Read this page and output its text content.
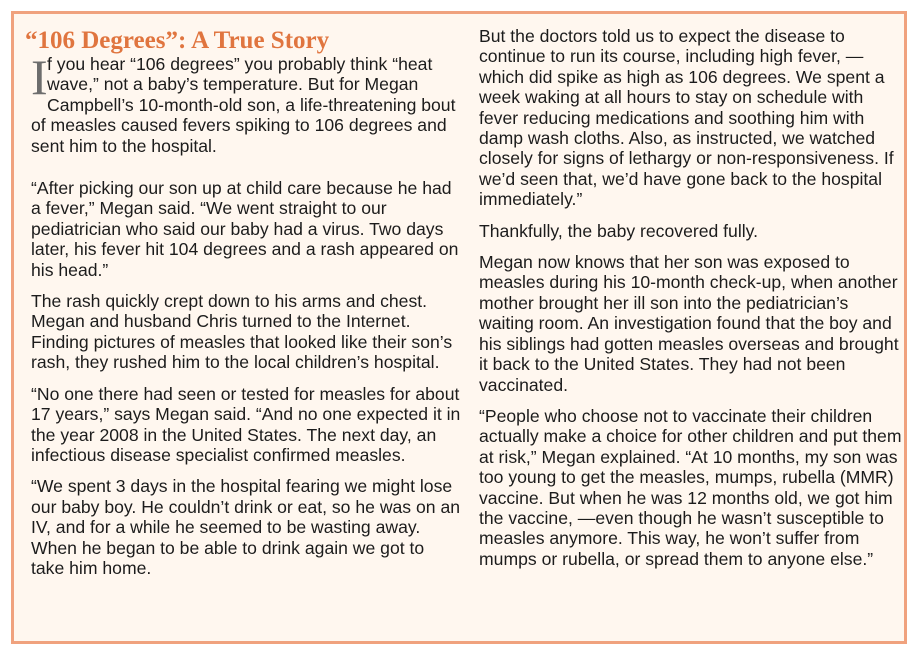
“106 Degrees”: A True Story

If you hear “106 degrees” you probably think “heat wave,” not a baby’s temperature. But for Megan Campbell’s 10-month-old son, a life-threatening bout of measles caused fevers spiking to 106 degrees and sent him to the hospital.

“After picking our son up at child care because he had a fever,” Megan said. “We went straight to our pediatrician who said our baby had a virus. Two days later, his fever hit 104 degrees and a rash appeared on his head.”

The rash quickly crept down to his arms and chest. Megan and husband Chris turned to the Internet. Finding pictures of measles that looked like their son’s rash, they rushed him to the local children’s hospital.

“No one there had seen or tested for measles for about 17 years,” says Megan said. “And no one expected it in the year 2008 in the United States. The next day, an infectious disease specialist confirmed measles.

“We spent 3 days in the hospital fearing we might lose our baby boy. He couldn’t drink or eat, so he was on an IV, and for a while he seemed to be wasting away. When he began to be able to drink again we got to take him home.

But the doctors told us to expect the disease to continue to run its course, including high fever, —which did spike as high as 106 degrees. We spent a week waking at all hours to stay on schedule with fever reducing medications and soothing him with damp wash cloths. Also, as instructed, we watched closely for signs of lethargy or non-responsiveness. If we’d seen that, we’d have gone back to the hospital immediately.”

Thankfully, the baby recovered fully.

Megan now knows that her son was exposed to measles during his 10-month check-up, when another mother brought her ill son into the pediatrician’s waiting room. An investigation found that the boy and his siblings had gotten measles overseas and brought it back to the United States. They had not been vaccinated.

“People who choose not to vaccinate their children actually make a choice for other children and put them at risk,” Megan explained. “At 10 months, my son was too young to get the measles, mumps, rubella (MMR) vaccine. But when he was 12 months old, we got him the vaccine, —even though he wasn’t susceptible to measles anymore. This way, he won’t suffer from mumps or rubella, or spread them to anyone else.”
